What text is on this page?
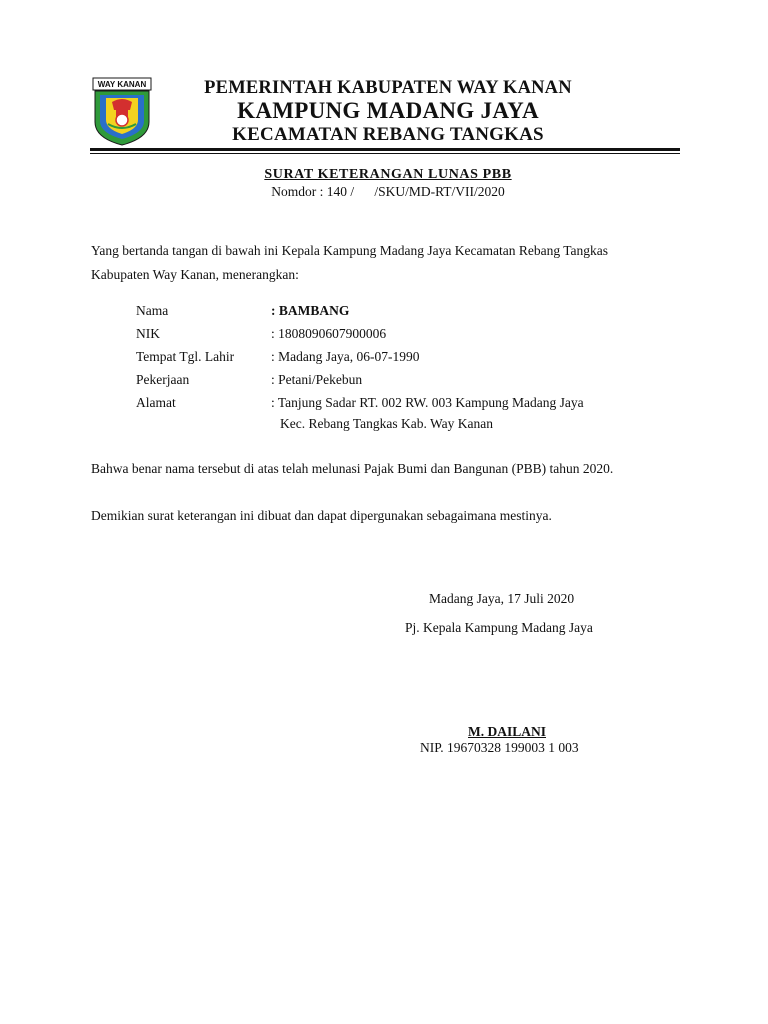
WAY KANAN	PEMERINTAH KABUPATEN WAY KANAN
KAMPUNG MADANG JAYA
KECAMATAN REBANG TANGKAS
SURAT KETERANGAN LUNAS PBB
Nomdor : 140 /      /SKU/MD-RT/VII/2020
Yang bertanda tangan di bawah ini Kepala Kampung Madang Jaya Kecamatan Rebang Tangkas
Kabupaten Way Kanan, menerangkan:
Nama	: BAMBANG
NIK	: 1808090607900006
Tempat Tgl. Lahir	: Madang Jaya, 06-07-1990
Pekerjaan	: Petani/Pekebun
Alamat	: Tanjung Sadar RT. 002 RW. 003 Kampung Madang Jaya
Kec. Rebang Tangkas Kab. Way Kanan
Bahwa benar nama tersebut di atas telah melunasi Pajak Bumi dan Bangunan (PBB) tahun 2020.
Demikian surat keterangan ini dibuat dan dapat dipergunakan sebagaimana mestinya.
Madang Jaya, 17 Juli 2020
Pj. Kepala Kampung Madang Jaya
M. DAILANI
NIP. 19670328 199003 1 003
